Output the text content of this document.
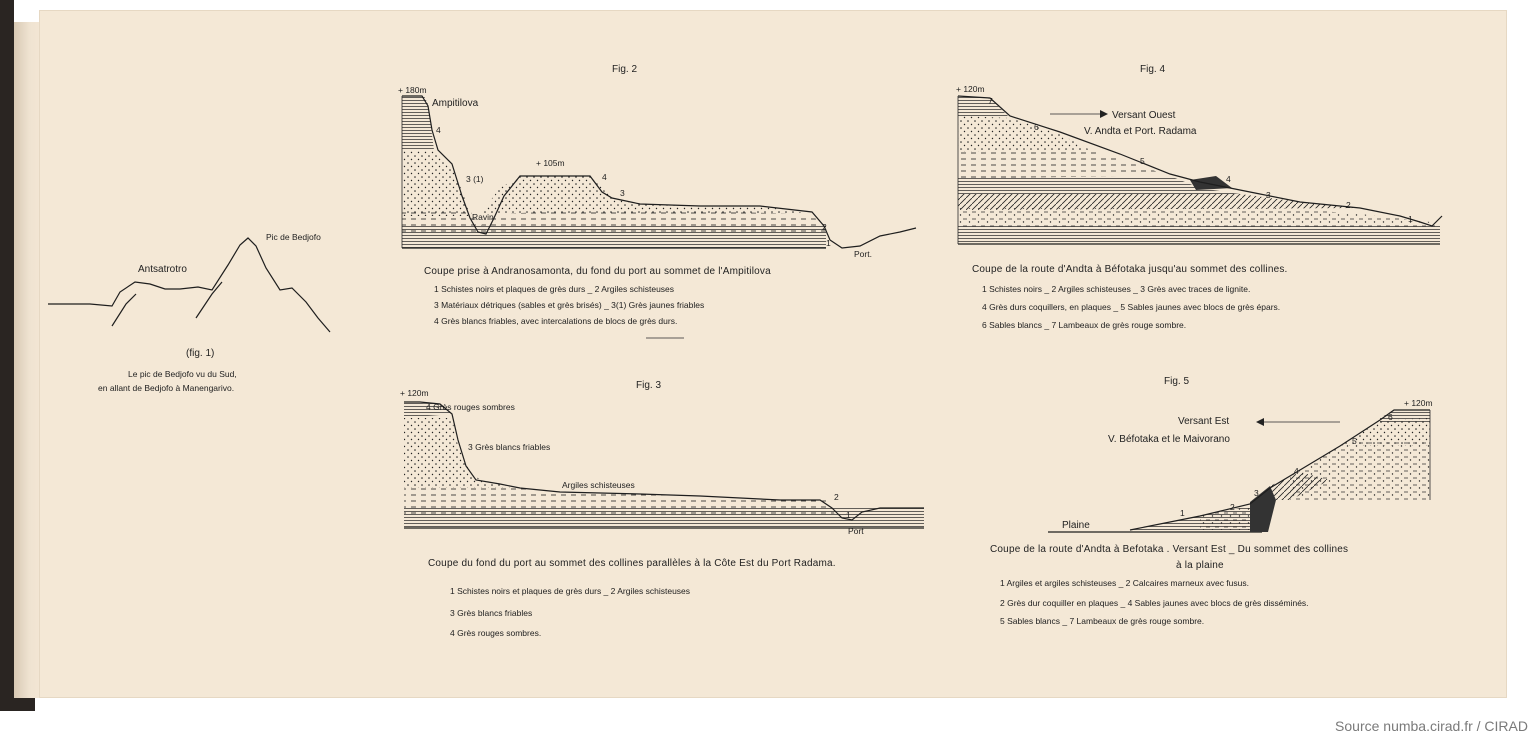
Pic de Bedjofo
Antsatrotro
(fig. 1)
Le pic de Bedjofo vu du Sud,
en allant de Bedjofo à Manengarivo.
Fig. 2
+ 180m
Ampitilova
+ 105m
4
3 (1)	4
3
2
1
Ravin
Port.
Coupe prise à Andranosamonta, du fond du port au sommet de l'Ampitilova
1 Schistes noirs et plaques de grès durs _ 2 Argiles schisteuses
3 Matériaux détriques (sables et grès brisés) _ 3(1) Grès jaunes friables
4 Grès blancs friables, avec intercalations de blocs de grès durs.
Fig. 3
+ 120m
4 Grès rouges sombres
3 Grès blancs friables
Argiles schisteuses
2
1
Port
Coupe du fond du port au sommet des collines parallèles à la Côte Est du Port Radama.
1 Schistes noirs et plaques de grès durs _ 2 Argiles schisteuses
3 Grès blancs friables
4 Grès rouges sombres.
Fig. 4
Versant Ouest
V. Andta et Port. Radama
+ 120m
7
6
5
4
3
2
1
Coupe de la route d'Andta à Béfotaka jusqu'au sommet des collines.
1 Schistes noirs _ 2 Argiles schisteuses _ 3 Grès avec traces de lignite.
4 Grès durs coquillers, en plaques _ 5 Sables jaunes avec blocs de grès épars.
6 Sables blancs _ 7 Lambeaux de grès rouge sombre.
Fig. 5
Versant Est
V. Béfotaka et le Maivorano
+ 120m
Plaine
1
2
3
4
5
6
Coupe de la route d'Andta à Befotaka . Versant Est _ Du sommet des collines
à la plaine
1 Argiles et argiles schisteuses _ 2 Calcaires marneux avec fusus.
2 Grès dur coquiller en plaques _ 4 Sables jaunes avec blocs de grès disséminés.
5 Sables blancs _ 7 Lambeaux de grès rouge sombre.
Source numba.cirad.fr / CIRAD
